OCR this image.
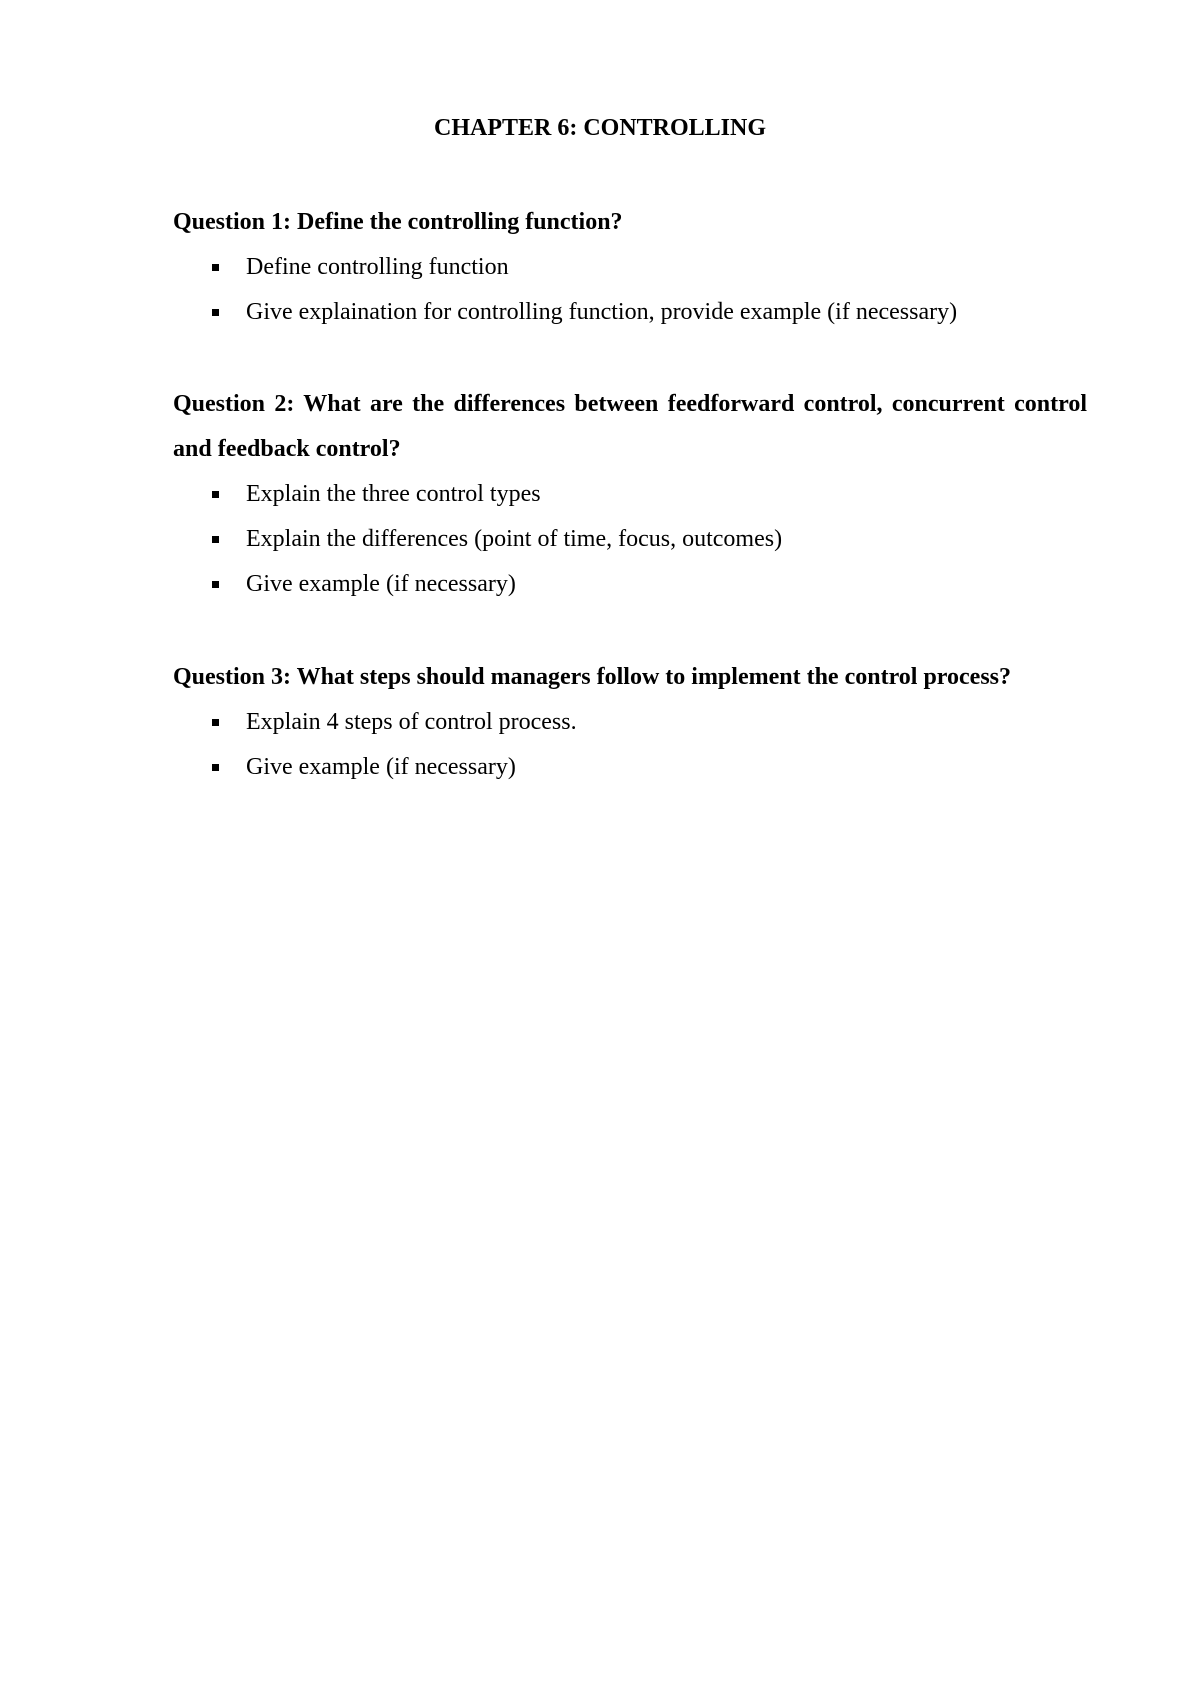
CHAPTER 6: CONTROLLING

Question 1: Define the controlling function?

Define controlling function
Give explaination for controlling function, provide example (if necessary)

Question 2: What are the differences between feedforward control, concurrent control and feedback control?

Explain the three control types
Explain the differences (point of time, focus, outcomes)
Give example (if necessary)

Question 3: What steps should managers follow to implement the control process?

Explain 4 steps of control process.
Give example (if necessary)
